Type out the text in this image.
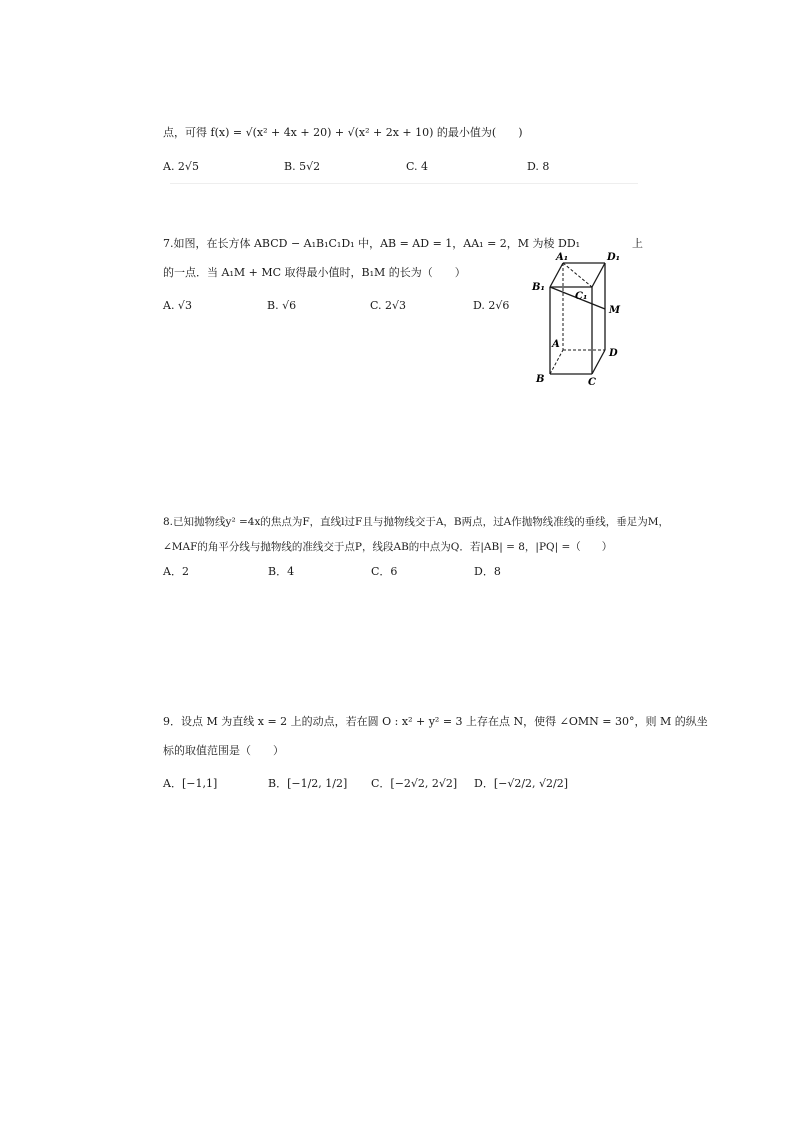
点，可得 f(x) = √(x² + 4x + 20) + √(x² + 2x + 10) 的最小值为(　　)
A. 2√5	B. 5√2	C. 4	D. 8
7.如图，在长方体 ABCD − A₁B₁C₁D₁ 中，AB = AD = 1，AA₁ = 2，M 为棱 DD₁	上
的一点．当 A₁M + MC 取得最小值时，B₁M 的长为（　　）
A. √3	B. √6	C. 2√3	D. 2√6
A₁	D₁
B₁
C₁
M
A
D
B	C
8.已知抛物线y² =4x的焦点为F，直线l过F且与抛物线交于A，B两点，过A作抛物线准线的垂线，垂足为M，
∠MAF的角平分线与抛物线的准线交于点P，线段AB的中点为Q．若|AB| = 8，|PQ| =（　　）
A．2	B．4	C．6	D．8
9．设点 M 为直线 x = 2 上的动点，若在圆 O : x² + y² = 3 上存在点 N，使得 ∠OMN = 30°，则 M 的纵坐
标的取值范围是（　　）
A．[−1,1]	B．[−1/2, 1/2] C．[−2√2, 2√2] D．[−√2/2, √2/2]
